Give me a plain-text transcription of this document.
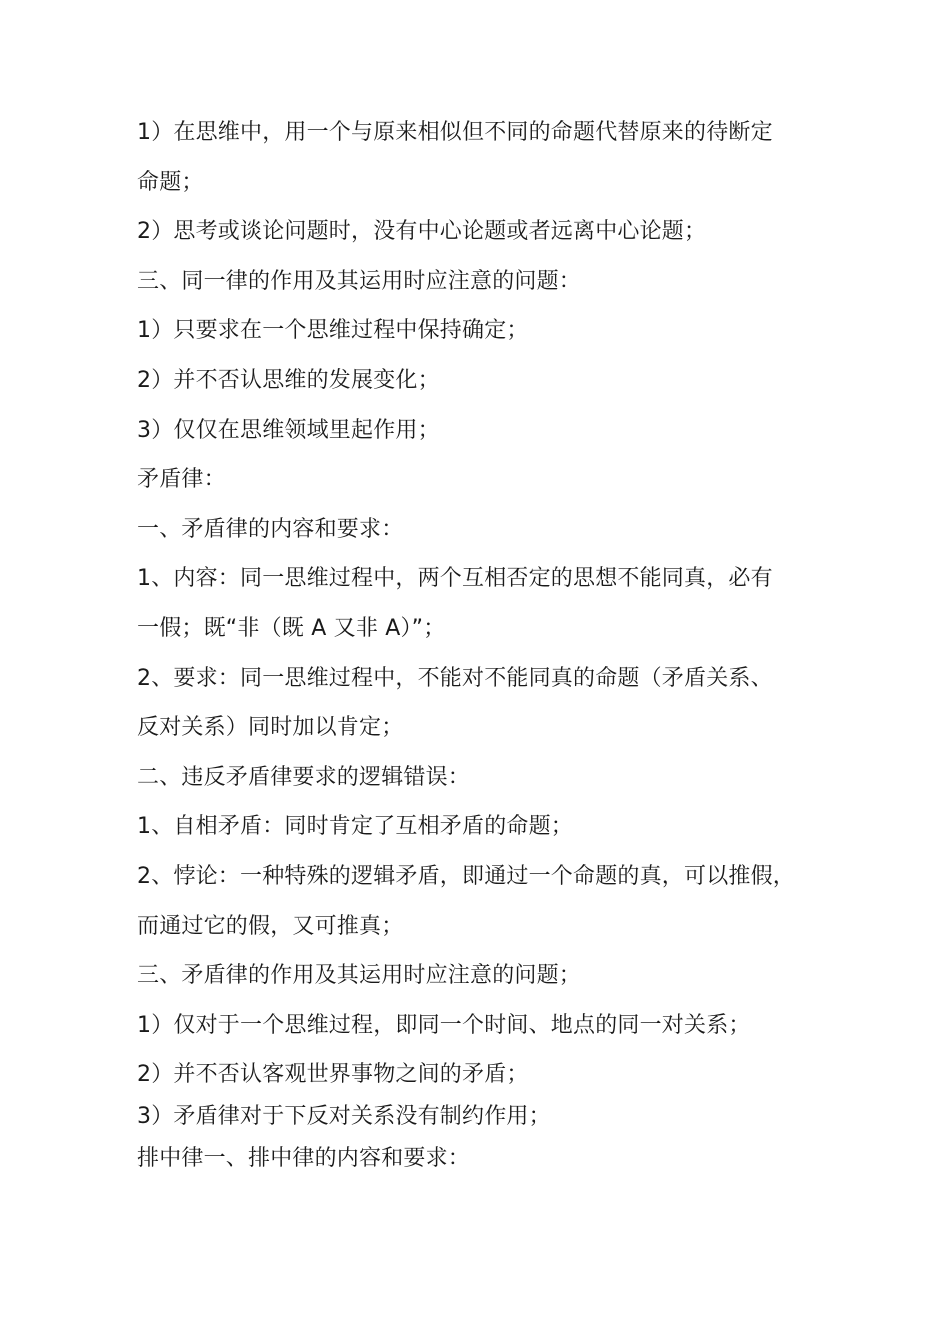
1）在思维中，用一个与原来相似但不同的命题代替原来的待断定
命题；
2）思考或谈论问题时，没有中心论题或者远离中心论题；
三、同一律的作用及其运用时应注意的问题：
1）只要求在一个思维过程中保持确定；
2）并不否认思维的发展变化；
3）仅仅在思维领域里起作用；
矛盾律：
一、矛盾律的内容和要求：
1、内容：同一思维过程中，两个互相否定的思想不能同真，必有
一假；既“非（既 A 又非 A）”；
2、要求：同一思维过程中，不能对不能同真的命题（矛盾关系、
反对关系）同时加以肯定；
二、违反矛盾律要求的逻辑错误：
1、自相矛盾：同时肯定了互相矛盾的命题；
2、悖论：一种特殊的逻辑矛盾，即通过一个命题的真，可以推假，
而通过它的假，又可推真；
三、矛盾律的作用及其运用时应注意的问题；
1）仅对于一个思维过程，即同一个时间、地点的同一对关系；
2）并不否认客观世界事物之间的矛盾；
3）矛盾律对于下反对关系没有制约作用；
排中律一、排中律的内容和要求：
